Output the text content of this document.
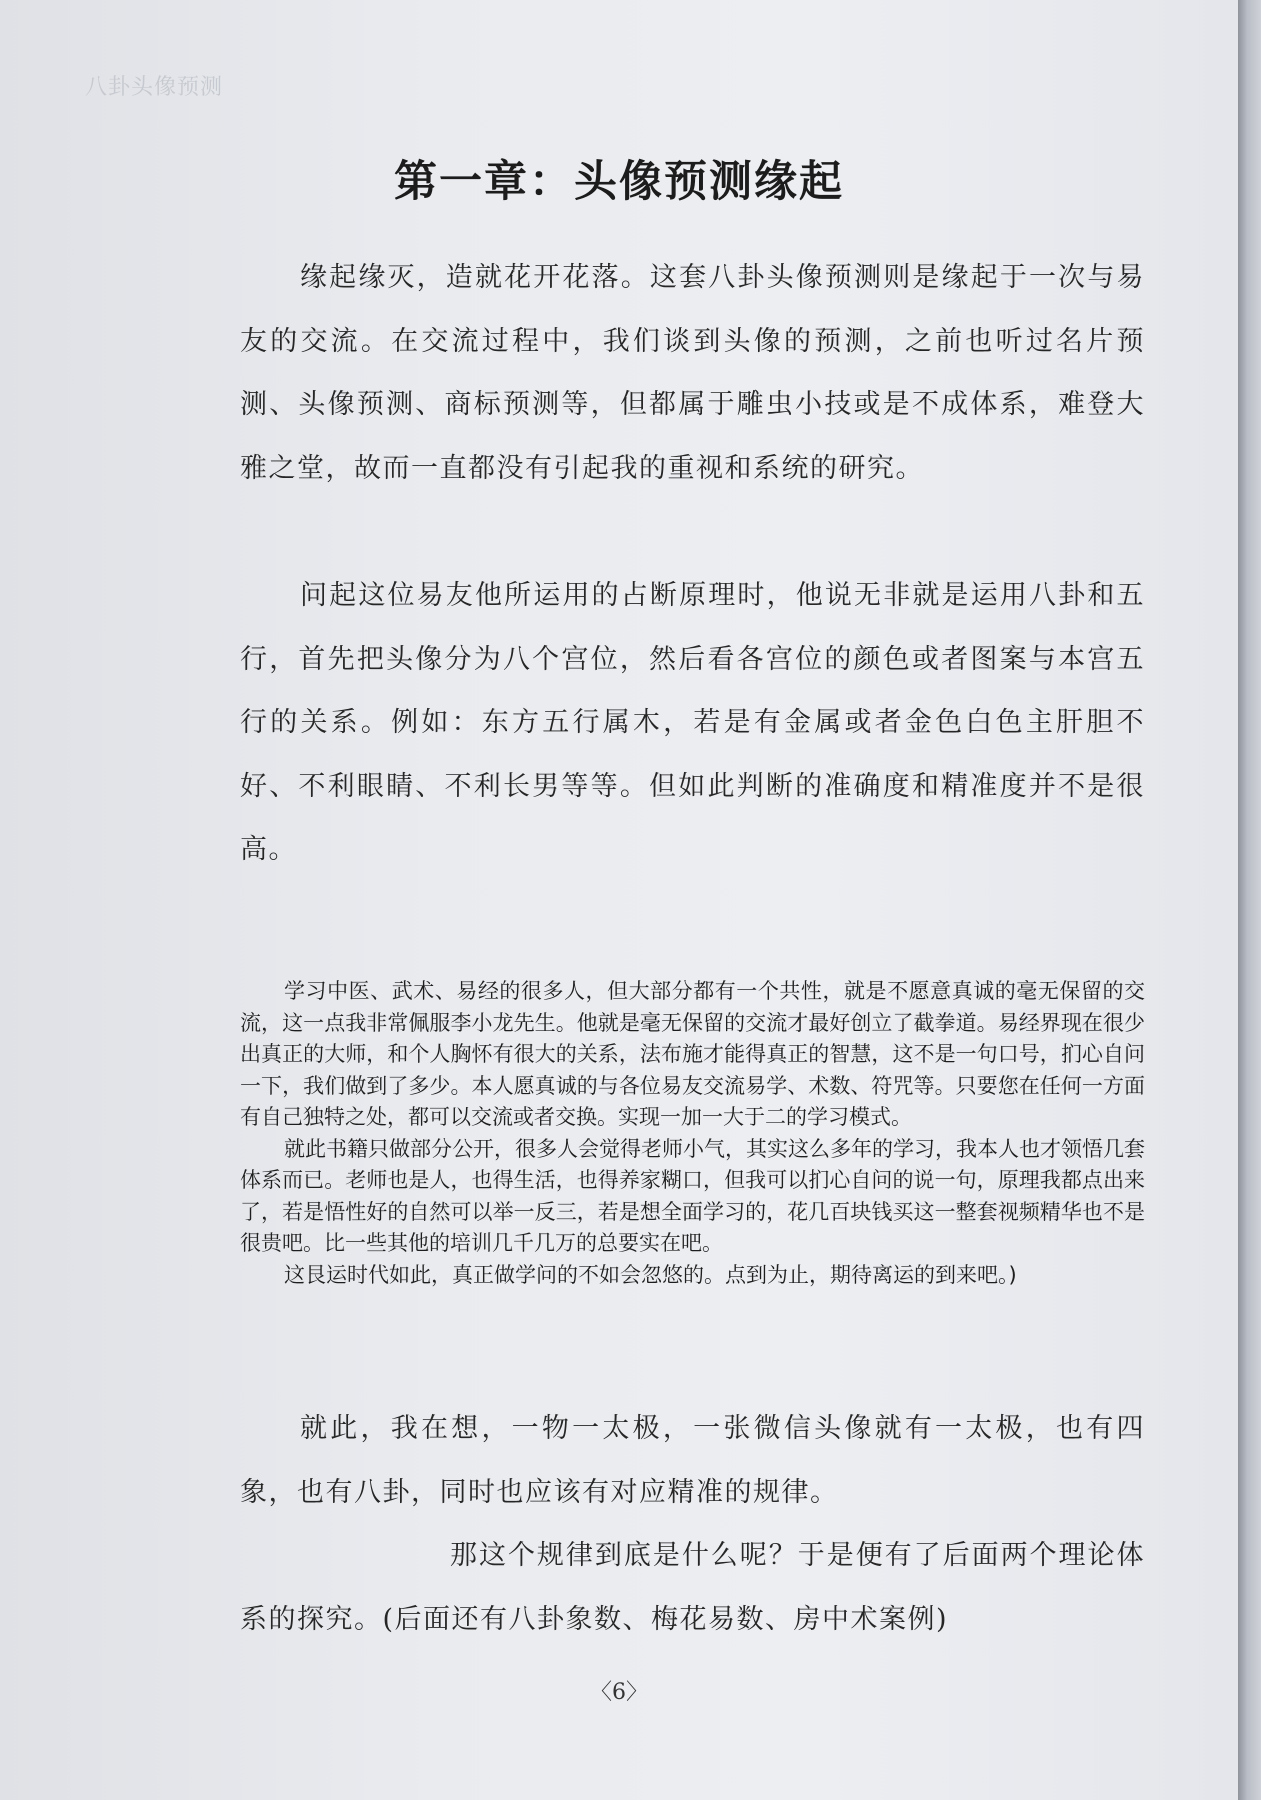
八卦头像预测
第一章：头像预测缘起

缘起缘灭，造就花开花落。这套八卦头像预测则是缘起于一次与易友的交流。在交流过程中，我们谈到头像的预测，之前也听过名片预测、头像预测、商标预测等，但都属于雕虫小技或是不成体系，难登大雅之堂，故而一直都没有引起我的重视和系统的研究。

问起这位易友他所运用的占断原理时，他说无非就是运用八卦和五行，首先把头像分为八个宫位，然后看各宫位的颜色或者图案与本宫五行的关系。例如：东方五行属木，若是有金属或者金色白色主肝胆不好、不利眼睛、不利长男等等。但如此判断的准确度和精准度并不是很高。

学习中医、武术、易经的很多人，但大部分都有一个共性，就是不愿意真诚的毫无保留的交流，这一点我非常佩服李小龙先生。他就是毫无保留的交流才最好创立了截拳道。易经界现在很少出真正的大师，和个人胸怀有很大的关系，法布施才能得真正的智慧，这不是一句口号，扪心自问一下，我们做到了多少。本人愿真诚的与各位易友交流易学、术数、符咒等。只要您在任何一方面有自己独特之处，都可以交流或者交换。实现一加一大于二的学习模式。

就此书籍只做部分公开，很多人会觉得老师小气，其实这么多年的学习，我本人也才领悟几套体系而已。老师也是人，也得生活，也得养家糊口，但我可以扪心自问的说一句，原理我都点出来了，若是悟性好的自然可以举一反三，若是想全面学习的，花几百块钱买这一整套视频精华也不是很贵吧。比一些其他的培训几千几万的总要实在吧。

这艮运时代如此，真正做学问的不如会忽悠的。点到为止，期待离运的到来吧。)

就此，我在想，一物一太极，一张微信头像就有一太极，也有四象，也有八卦，同时也应该有对应精准的规律。

那这个规律到底是什么呢？于是便有了后面两个理论体系的探究。(后面还有八卦象数、梅花易数、房中术案例)

〈6〉
